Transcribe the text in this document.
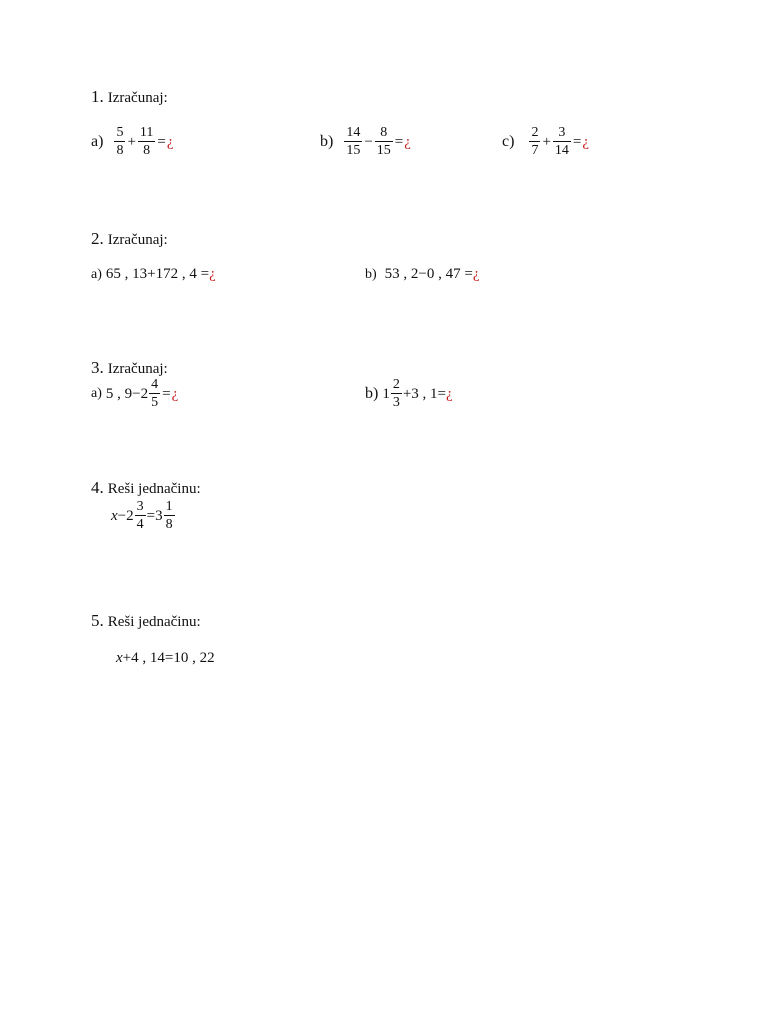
1. Izračunaj:
$a) \frac{5}{8} + \frac{11}{8}$ = ¿	$b) \frac{14}{15} - \frac{8}{15}$ = ¿	$c) \frac{2}{7} + \frac{3}{14}$ = ¿
2. Izračunaj:
a) 65 , 13+172 , 4 = ¿	b) 53 , 2−0 , 47 = ¿
3. Izračunaj:
a) 5 , $9-2 \frac{4}{5}$ = ¿	b) $1 \frac{2}{3} +3$ , 1= ¿
4. Reši jednačinu:
$x -2 \frac{3}{4} =3 \frac{1}{8}$
5. Reši jednačinu:
x +4 , 14=10 , 22
